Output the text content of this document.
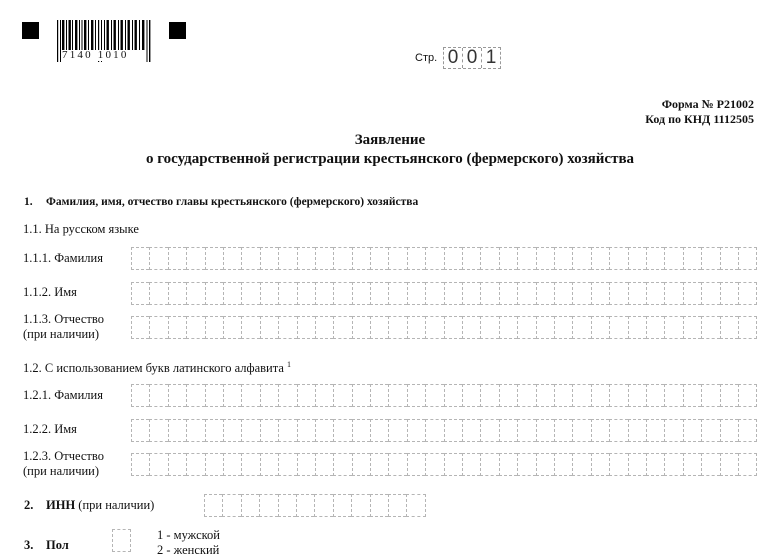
7140 1010	Стр. 0 0 1
Форма № Р21002
Код по КНД 1112505
Заявление
о государственной регистрации крестьянского (фермерского) хозяйства
1. Фамилия, имя, отчество главы крестьянского (фермерского) хозяйства
1.1. На русском языке
1.1.1. Фамилия
1.1.2. Имя
1.1.3. Отчество
(при наличии)
1.2. С использованием букв латинского алфавита $^1$
1.2.1. Фамилия
1.2.2. Имя
1.2.3. Отчество
(при наличии)
2. ИНН (при наличии)
3. Пол
1 - мужской
2 - женский
